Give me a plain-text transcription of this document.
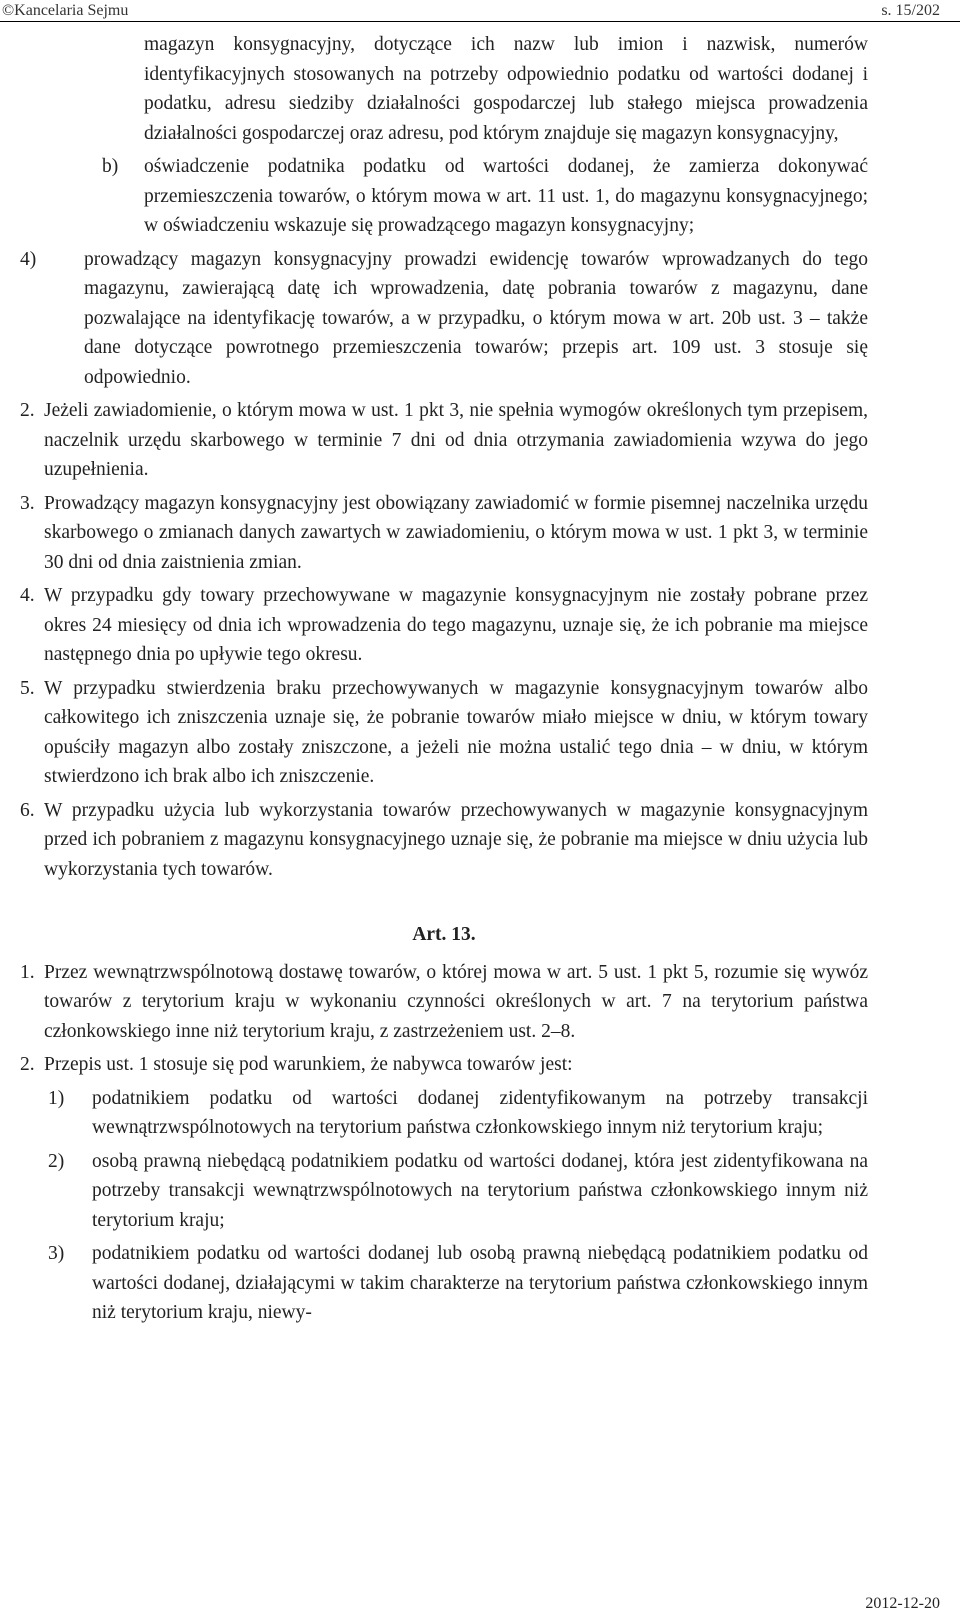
©Kancelaria Sejmu	s. 15/202
magazyn konsygnacyjny, dotyczące ich nazw lub imion i nazwisk, numerów identyfikacyjnych stosowanych na potrzeby odpowiednio podatku od wartości dodanej i podatku, adresu siedziby działalności gospodarczej lub stałego miejsca prowadzenia działalności gospodarczej oraz adresu, pod którym znajduje się magazyn konsygnacyjny,
b) oświadczenie podatnika podatku od wartości dodanej, że zamierza dokonywać przemieszczenia towarów, o którym mowa w art. 11 ust. 1, do magazynu konsygnacyjnego; w oświadczeniu wskazuje się prowadzącego magazyn konsygnacyjny;
4) prowadzący magazyn konsygnacyjny prowadzi ewidencję towarów wprowadzanych do tego magazynu, zawierającą datę ich wprowadzenia, datę pobrania towarów z magazynu, dane pozwalające na identyfikację towarów, a w przypadku, o którym mowa w art. 20b ust. 3 – także dane dotyczące powrotnego przemieszczenia towarów; przepis art. 109 ust. 3 stosuje się odpowiednio.
2. Jeżeli zawiadomienie, o którym mowa w ust. 1 pkt 3, nie spełnia wymogów określonych tym przepisem, naczelnik urzędu skarbowego w terminie 7 dni od dnia otrzymania zawiadomienia wzywa do jego uzupełnienia.
3. Prowadzący magazyn konsygnacyjny jest obowiązany zawiadomić w formie pisemnej naczelnika urzędu skarbowego o zmianach danych zawartych w zawiadomieniu, o którym mowa w ust. 1 pkt 3, w terminie 30 dni od dnia zaistnienia zmian.
4. W przypadku gdy towary przechowywane w magazynie konsygnacyjnym nie zostały pobrane przez okres 24 miesięcy od dnia ich wprowadzenia do tego magazynu, uznaje się, że ich pobranie ma miejsce następnego dnia po upływie tego okresu.
5. W przypadku stwierdzenia braku przechowywanych w magazynie konsygnacyjnym towarów albo całkowitego ich zniszczenia uznaje się, że pobranie towarów miało miejsce w dniu, w którym towary opuściły magazyn albo zostały zniszczone, a jeżeli nie można ustalić tego dnia – w dniu, w którym stwierdzono ich brak albo ich zniszczenie.
6. W przypadku użycia lub wykorzystania towarów przechowywanych w magazynie konsygnacyjnym przed ich pobraniem z magazynu konsygnacyjnego uznaje się, że pobranie ma miejsce w dniu użycia lub wykorzystania tych towarów.
Art. 13.
1. Przez wewnątrzwspólnotową dostawę towarów, o której mowa w art. 5 ust. 1 pkt 5, rozumie się wywóz towarów z terytorium kraju w wykonaniu czynności określonych w art. 7 na terytorium państwa członkowskiego inne niż terytorium kraju, z zastrzeżeniem ust. 2–8.
2. Przepis ust. 1 stosuje się pod warunkiem, że nabywca towarów jest:
1) podatnikiem podatku od wartości dodanej zidentyfikowanym na potrzeby transakcji wewnątrzwspólnotowych na terytorium państwa członkowskiego innym niż terytorium kraju;
2) osobą prawną niebędącą podatnikiem podatku od wartości dodanej, która jest zidentyfikowana na potrzeby transakcji wewnątrzwspólnotowych na terytorium państwa członkowskiego innym niż terytorium kraju;
3) podatnikiem podatku od wartości dodanej lub osobą prawną niebędącą podatnikiem podatku od wartości dodanej, działającymi w takim charakterze na terytorium państwa członkowskiego innym niż terytorium kraju, niewy-
2012-12-20
